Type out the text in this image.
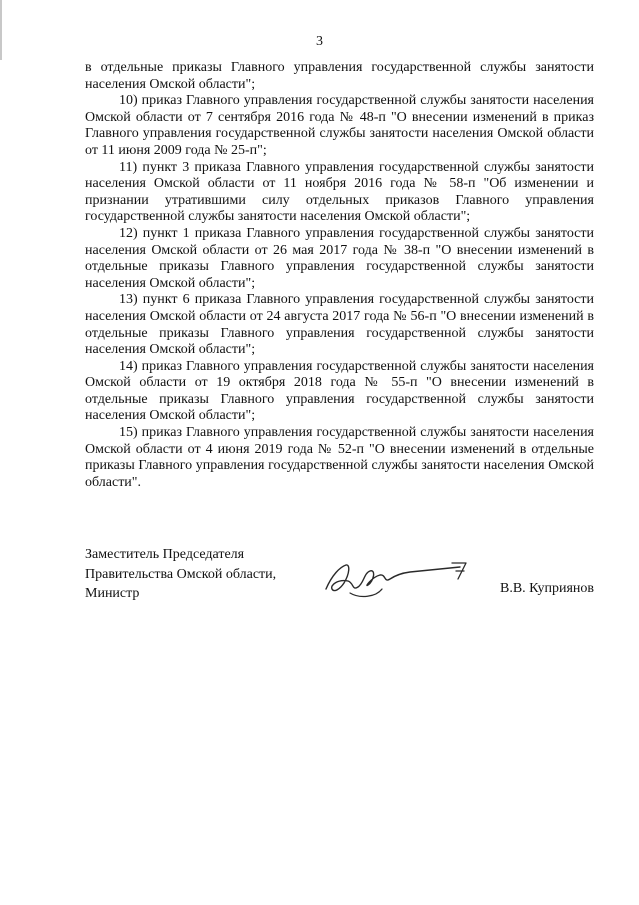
3

в отдельные приказы Главного управления государственной службы занятости населения Омской области";

10) приказ Главного управления государственной службы занятости населения Омской области от 7 сентября 2016 года № 48-п "О внесении изменений в приказ Главного управления государственной службы занятости населения Омской области от 11 июня 2009 года № 25-п";

11) пункт 3 приказа Главного управления государственной службы занятости населения Омской области от 11 ноября 2016 года № 58-п "Об изменении и признании утратившими силу отдельных приказов Главного управления государственной службы занятости населения Омской области";

12) пункт 1 приказа Главного управления государственной службы занятости населения Омской области от 26 мая 2017 года № 38-п "О внесении изменений в отдельные приказы Главного управления государственной службы занятости населения Омской области";

13) пункт 6 приказа Главного управления государственной службы занятости населения Омской области от 24 августа 2017 года № 56-п "О внесении изменений в отдельные приказы Главного управления государственной службы занятости населения Омской области";

14) приказ Главного управления государственной службы занятости населения Омской области от 19 октября 2018 года № 55-п "О внесении изменений в отдельные приказы Главного управления государственной службы занятости населения Омской области";

15) приказ Главного управления государственной службы занятости населения Омской области от 4 июня 2019 года № 52-п "О внесении изменений в отдельные приказы Главного управления государственной службы занятости населения Омской области".

Заместитель Председателя
Правительства Омской области,
Министр	В.В. Куприянов
